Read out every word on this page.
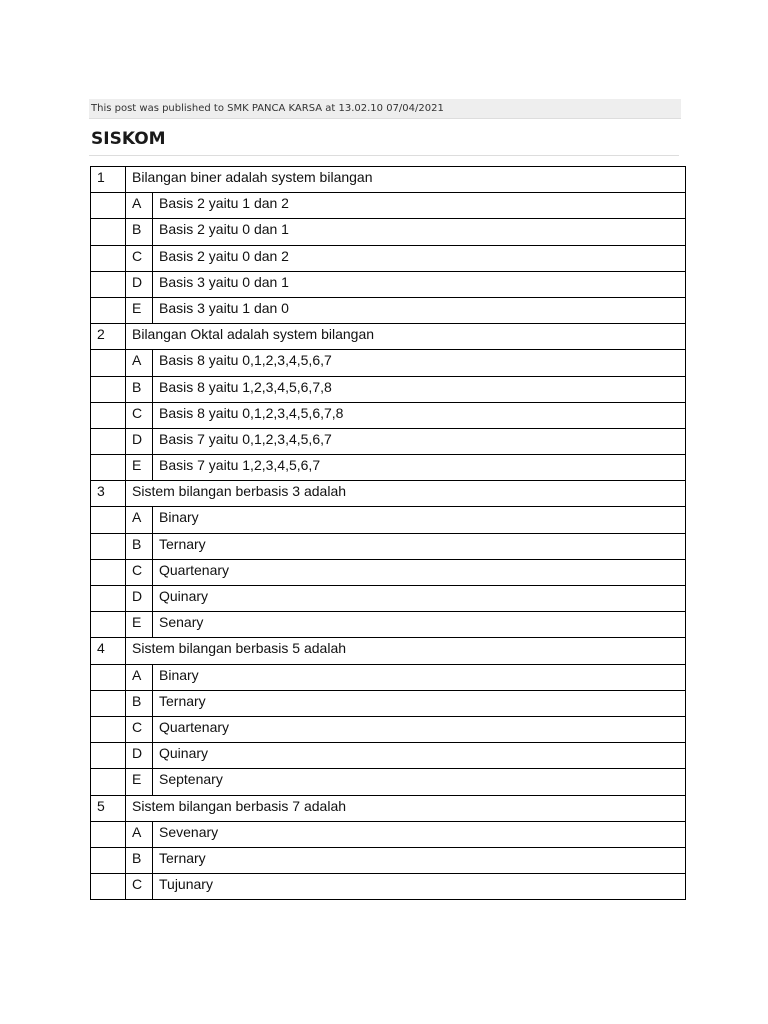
This post was published to SMK PANCA KARSA at 13.02.10 07/04/2021
SISKOM
1	Bilangan biner adalah system bilangan	
	A	Basis 2 yaitu 1 dan 2
	B	Basis 2 yaitu 0 dan 1
	C	Basis 2 yaitu 0 dan 2
	D	Basis 3 yaitu 0 dan 1
	E	Basis 3 yaitu 1 dan 0
2	Bilangan Oktal adalah system bilangan	
	A	Basis 8 yaitu 0,1,2,3,4,5,6,7
	B	Basis 8 yaitu 1,2,3,4,5,6,7,8
	C	Basis 8 yaitu 0,1,2,3,4,5,6,7,8
	D	Basis 7 yaitu 0,1,2,3,4,5,6,7
	E	Basis 7 yaitu 1,2,3,4,5,6,7
3	Sistem bilangan berbasis 3 adalah	
	A	Binary
	B	Ternary
	C	Quartenary
	D	Quinary
	E	Senary
4	Sistem bilangan berbasis 5 adalah	
	A	Binary
	B	Ternary
	C	Quartenary
	D	Quinary
	E	Septenary
5	Sistem bilangan berbasis 7 adalah	
	A	Sevenary
	B	Ternary
	C	Tujunary
